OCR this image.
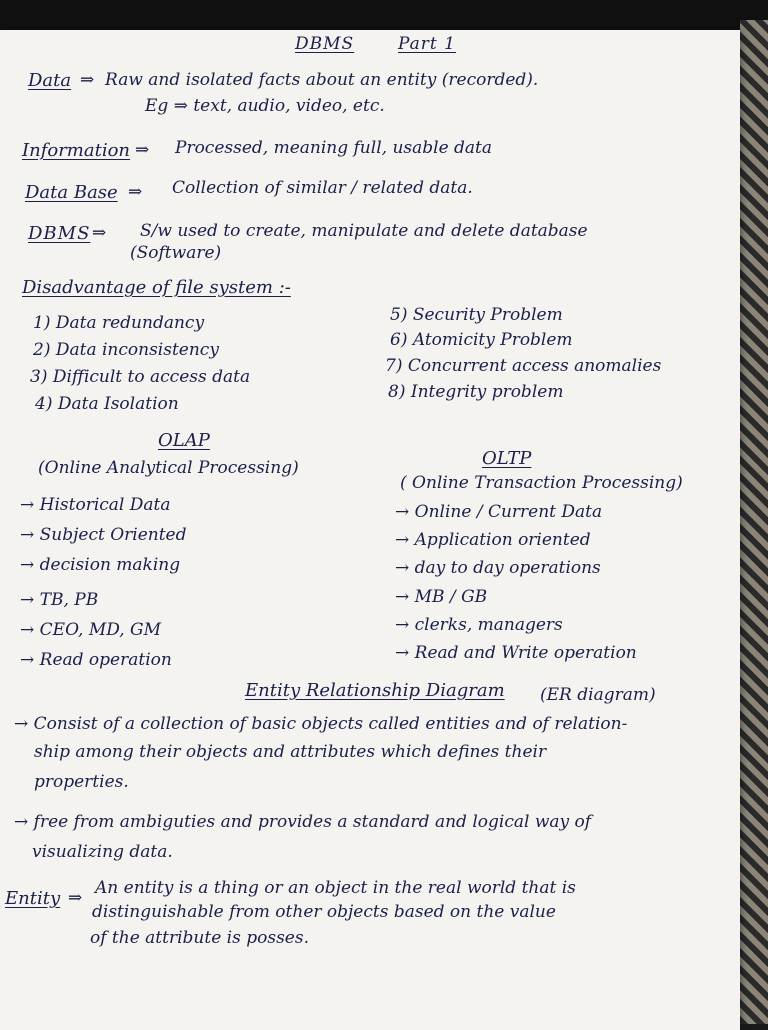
DBMS	Part 1
Data ⇒ Raw and isolated facts about an entity (recorded).
Eg ⇒ text, audio, video, etc.
Information ⇒ Processed, meaning full, usable data
Data Base ⇒ Collection of similar / related data.
DBMS ⇒ S/w used to create, manipulate and delete database
(Software)
Disadvantage of file system :-
1) Data redundancy
2) Data inconsistency
3) Difficult to access data
4) Data Isolation
5) Security Problem
6) Atomicity Problem
7) Concurrent access anomalies
8) Integrity problem
OLAP
(Online Analytical Processing)
→ Historical Data
→ Subject Oriented
→ decision making
→ TB, PB
→ CEO, MD, GM
→ Read operation
OLTP
( Online Transaction Processing)
→ Online / Current Data
→ Application oriented
→ day to day operations
→ MB / GB
→ clerks, managers
→ Read and Write operation
Entity Relationship Diagram (ER diagram)
→ Consist of a collection of basic objects called entities and of relation-
ship among their objects and attributes which defines their
properties.
→ free from ambiguties and provides a standard and logical way of
visualizing data.
Entity ⇒ An entity is a thing or an object in the real world that is
distinguishable from other objects based on the value
of the attribute is posses.
